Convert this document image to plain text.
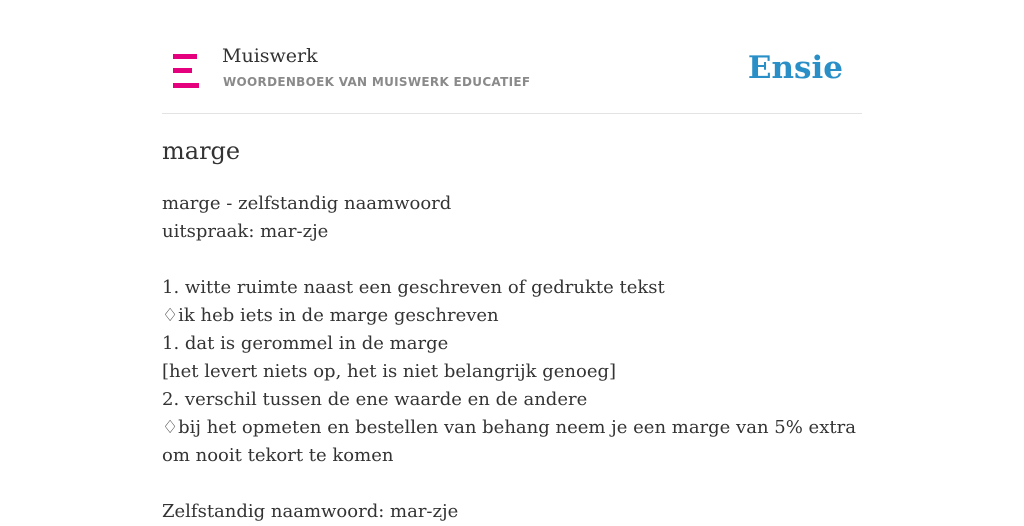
Muiswerk
WOORDENBOEK VAN MUISWERK EDUCATIEF	Ensie
marge
marge - zelfstandig naamwoord
uitspraak: mar-zje
1. witte ruimte naast een geschreven of gedrukte tekst
♢ik heb iets in de marge geschreven
1. dat is gerommel in de marge
[het levert niets op, het is niet belangrijk genoeg]
2. verschil tussen de ene waarde en de andere
♢bij het opmeten en bestellen van behang neem je een marge van 5% extra om nooit tekort te komen
Zelfstandig naamwoord: mar-zje
